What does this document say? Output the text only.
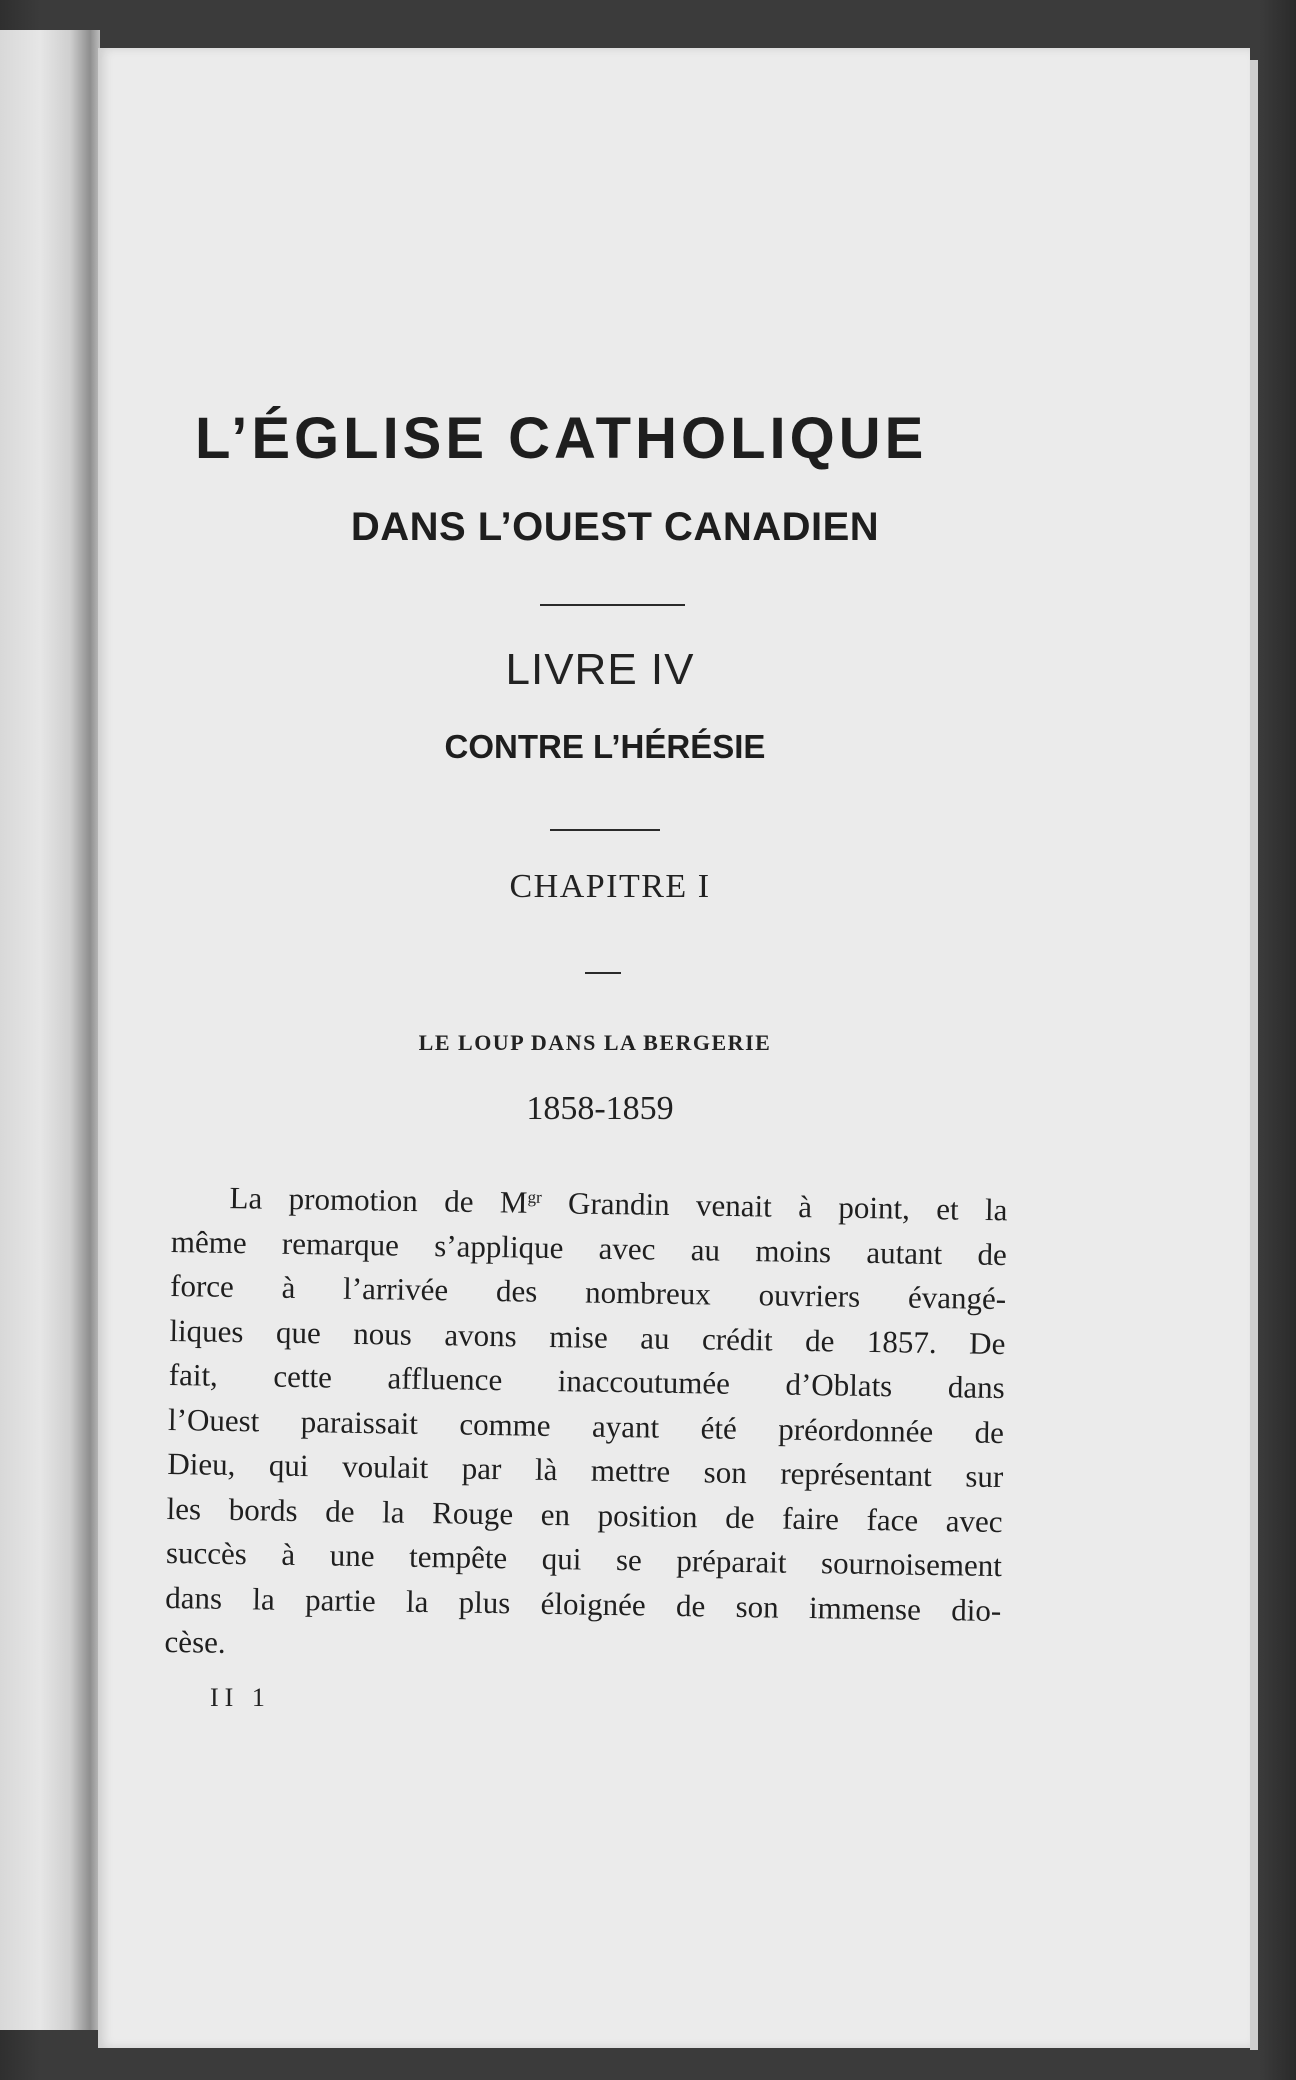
L’ÉGLISE CATHOLIQUE
DANS L’OUEST CANADIEN
LIVRE IV
CONTRE L’HÉRÉSIE
CHAPITRE I
LE LOUP DANS LA BERGERIE
1858-1859
La promotion de $M^{gr}$ Grandin venait à point, et la
même remarque s’applique avec au moins autant de
force à l’arrivée des nombreux ouvriers évangé-
liques que nous avons mise au crédit de 1857. De
fait, cette affluence inaccoutumée d’Oblats dans
l’Ouest paraissait comme ayant été préordonnée de
Dieu, qui voulait par là mettre son représentant sur
les bords de la Rouge en position de faire face avec
succès à une tempête qui se préparait sournoisement
dans la partie la plus éloignée de son immense dio-
cèse.
II 1
